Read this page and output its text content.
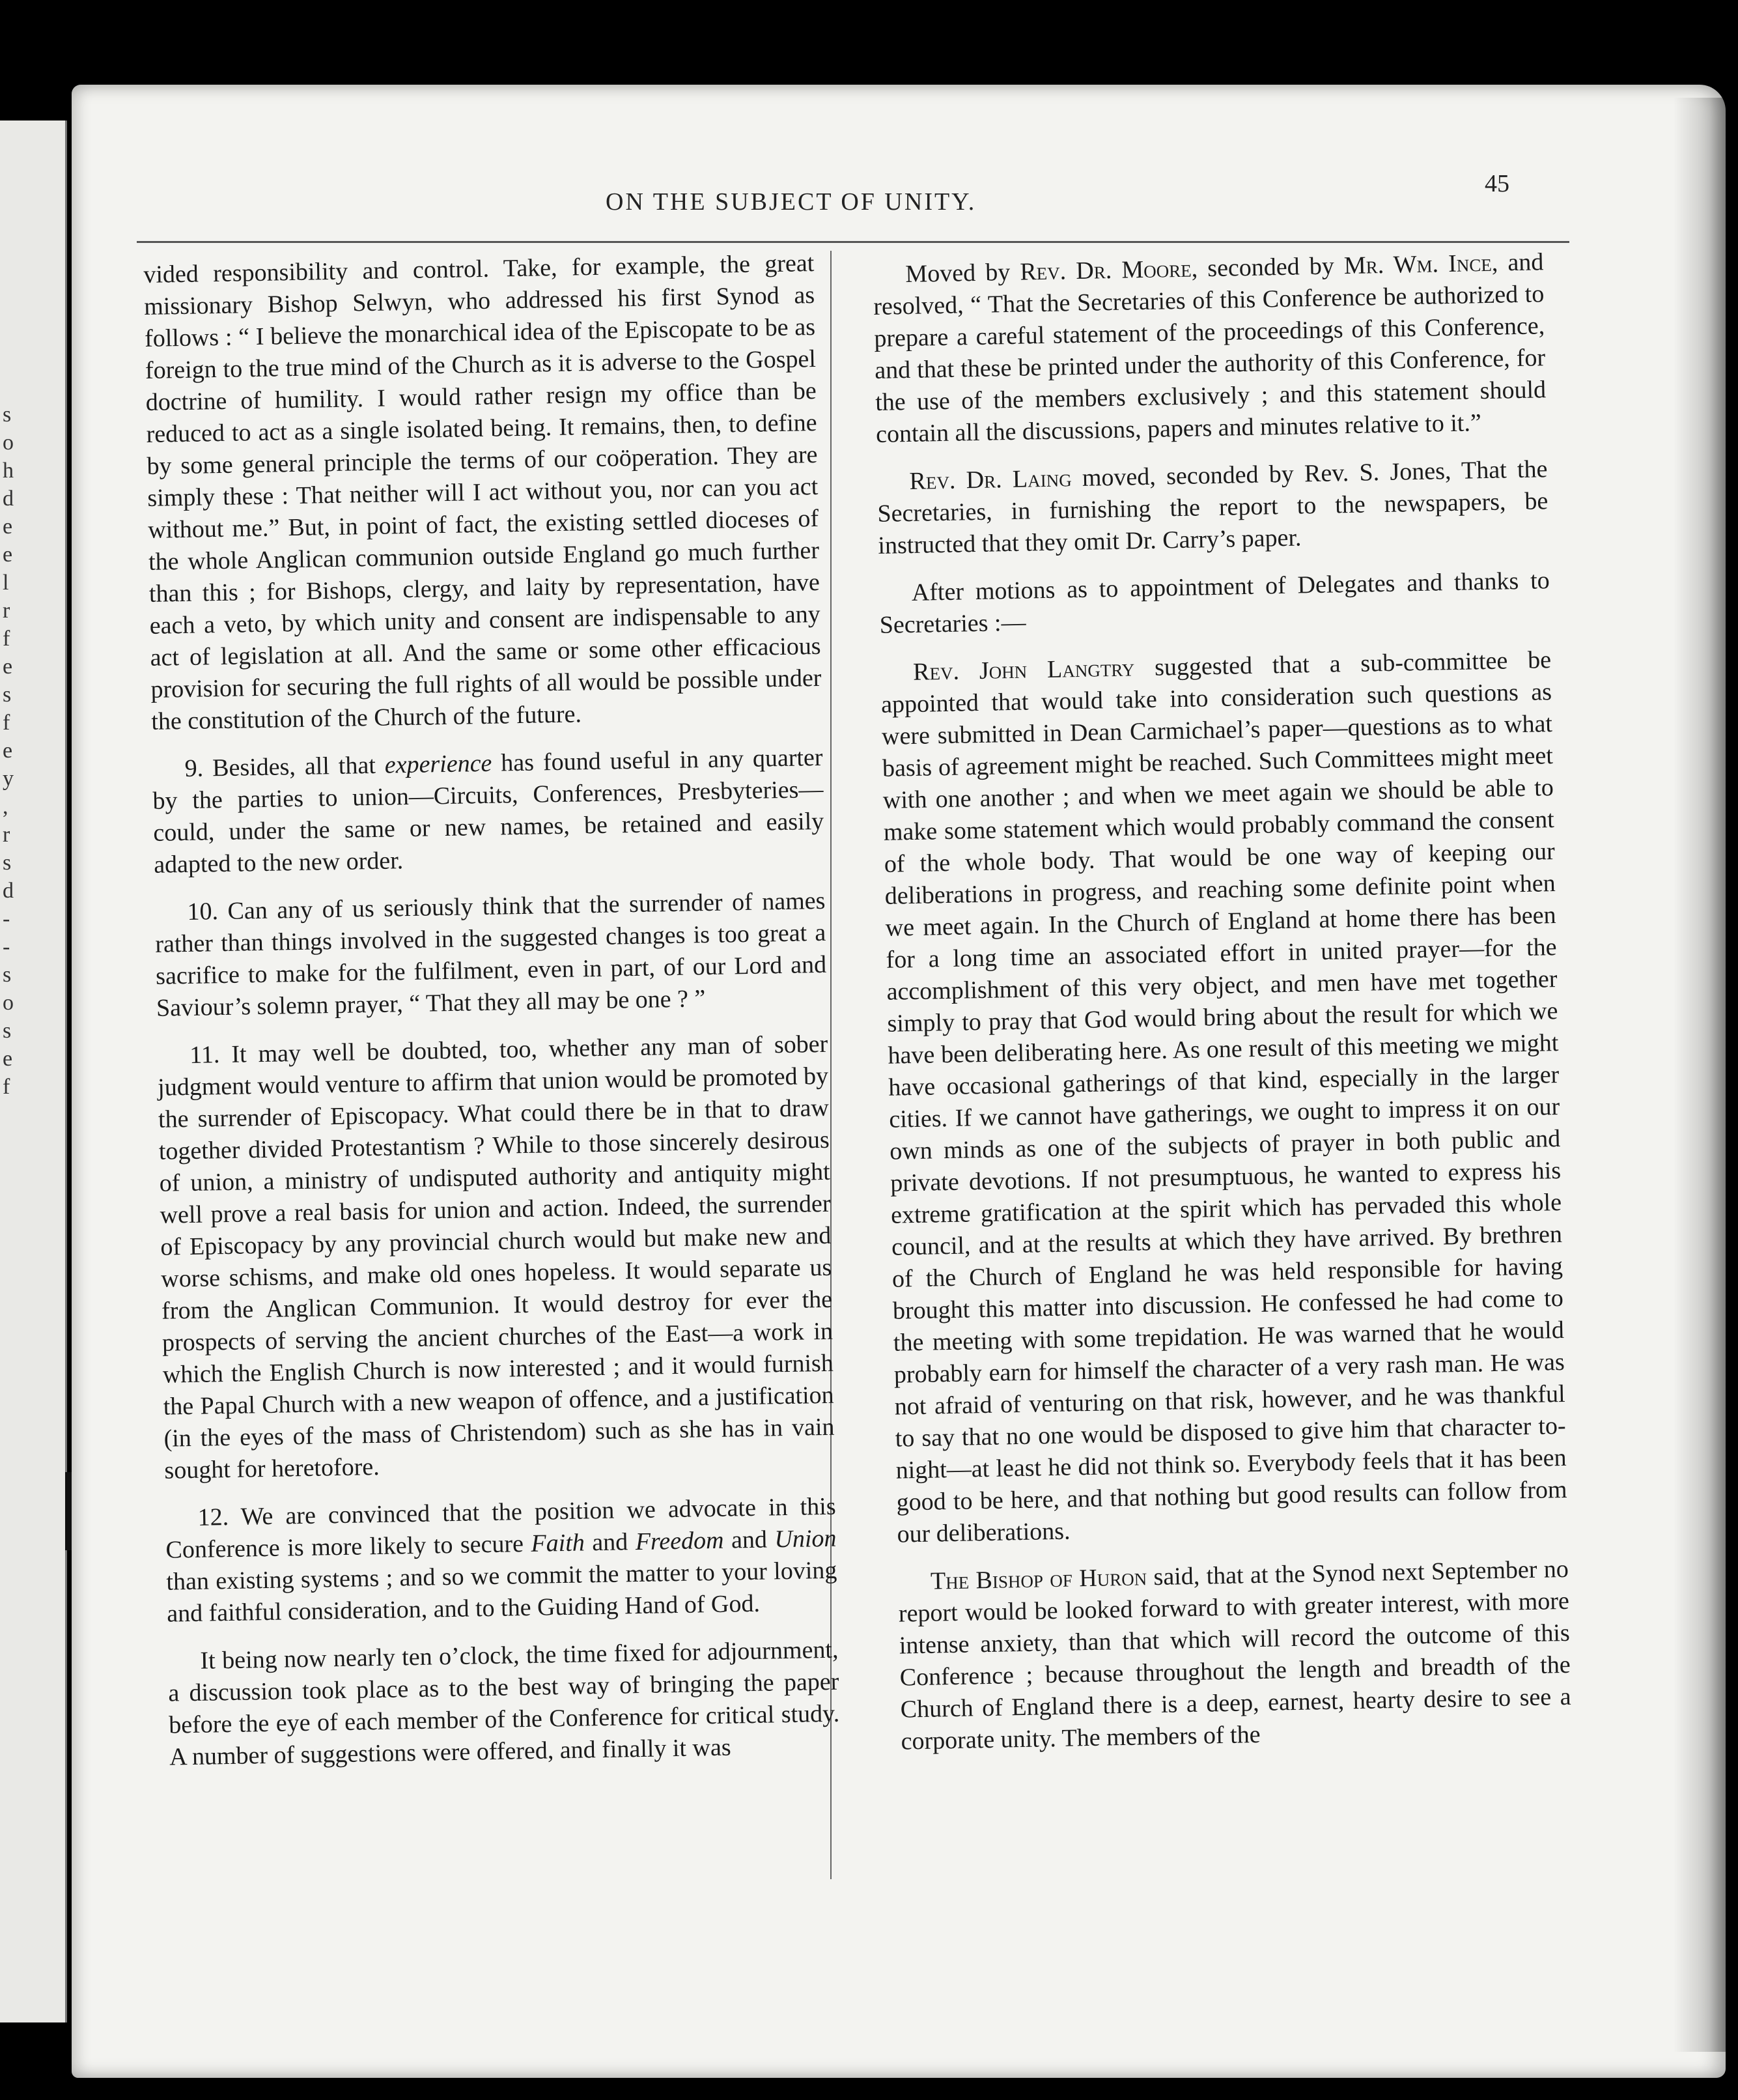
s
o
h
d
e
e
l
r
f
e
s
f
e
y
,
r
s
d
-
-
s
o
s
e
f
ON THE SUBJECT OF UNITY.
45

vided responsibility and control. Take, for example, the great missionary Bishop Selwyn, who addressed his first Synod as follows : “ I believe the monarchical idea of the Episcopate to be as foreign to the true mind of the Church as it is adverse to the Gospel doctrine of humility. I would rather resign my office than be reduced to act as a single isolated being. It remains, then, to define by some general principle the terms of our coöperation. They are simply these : That neither will I act without you, nor can you act without me.” But, in point of fact, the existing settled dioceses of the whole Anglican communion outside England go much further than this ; for Bishops, clergy, and laity by representation, have each a veto, by which unity and consent are indispensable to any act of legislation at all. And the same or some other efficacious provision for securing the full rights of all would be possible under the constitution of the Church of the future.

9. Besides, all that experience has found useful in any quarter by the parties to union—Circuits, Conferences, Presbyteries—could, under the same or new names, be retained and easily adapted to the new order.

10. Can any of us seriously think that the surrender of names rather than things involved in the suggested changes is too great a sacrifice to make for the fulfilment, even in part, of our Lord and Saviour’s solemn prayer, “ That they all may be one ? ”

11. It may well be doubted, too, whether any man of sober judgment would venture to affirm that union would be promoted by the surrender of Episcopacy. What could there be in that to draw together divided Protestantism ? While to those sincerely desirous of union, a ministry of undisputed authority and antiquity might well prove a real basis for union and action. Indeed, the surrender of Episcopacy by any provincial church would but make new and worse schisms, and make old ones hopeless. It would separate us from the Anglican Communion. It would destroy for ever the prospects of serving the ancient churches of the East—a work in which the English Church is now interested ; and it would furnish the Papal Church with a new weapon of offence, and a justification (in the eyes of the mass of Christendom) such as she has in vain sought for heretofore.

12. We are convinced that the position we advocate in this Conference is more likely to secure Faith and Freedom and Union than existing systems ; and so we commit the matter to your loving and faithful consideration, and to the Guiding Hand of God.

It being now nearly ten o’clock, the time fixed for adjournment, a discussion took place as to the best way of bringing the paper before the eye of each member of the Conference for critical study. A number of suggestions were offered, and finally it was

Moved by Rev. Dr. Moore, seconded by Mr. Wm. Ince, and resolved, “ That the Secretaries of this Conference be authorized to prepare a careful statement of the proceedings of this Conference, and that these be printed under the authority of this Conference, for the use of the members exclusively ; and this statement should contain all the discussions, papers and minutes relative to it.”

Rev. Dr. Laing moved, seconded by Rev. S. Jones, That the Secretaries, in furnishing the report to the newspapers, be instructed that they omit Dr. Carry’s paper.

After motions as to appointment of Delegates and thanks to Secretaries :—

Rev. John Langtry suggested that a sub-committee be appointed that would take into consideration such questions as were submitted in Dean Carmichael’s paper—questions as to what basis of agreement might be reached. Such Committees might meet with one another ; and when we meet again we should be able to make some statement which would probably command the consent of the whole body. That would be one way of keeping our deliberations in progress, and reaching some definite point when we meet again. In the Church of England at home there has been for a long time an associated effort in united prayer—for the accomplishment of this very object, and men have met together simply to pray that God would bring about the result for which we have been deliberating here. As one result of this meeting we might have occasional gatherings of that kind, especially in the larger cities. If we cannot have gatherings, we ought to impress it on our own minds as one of the subjects of prayer in both public and private devotions. If not presumptuous, he wanted to express his extreme gratification at the spirit which has pervaded this whole council, and at the results at which they have arrived. By brethren of the Church of England he was held responsible for having brought this matter into discussion. He confessed he had come to the meeting with some trepidation. He was warned that he would probably earn for himself the character of a very rash man. He was not afraid of venturing on that risk, however, and he was thankful to say that no one would be disposed to give him that character to-night—at least he did not think so. Everybody feels that it has been good to be here, and that nothing but good results can follow from our deliberations.

The Bishop of Huron said, that at the Synod next September no report would be looked forward to with greater interest, with more intense anxiety, than that which will record the outcome of this Conference ; because throughout the length and breadth of the Church of England there is a deep, earnest, hearty desire to see a corporate unity. The members of the
